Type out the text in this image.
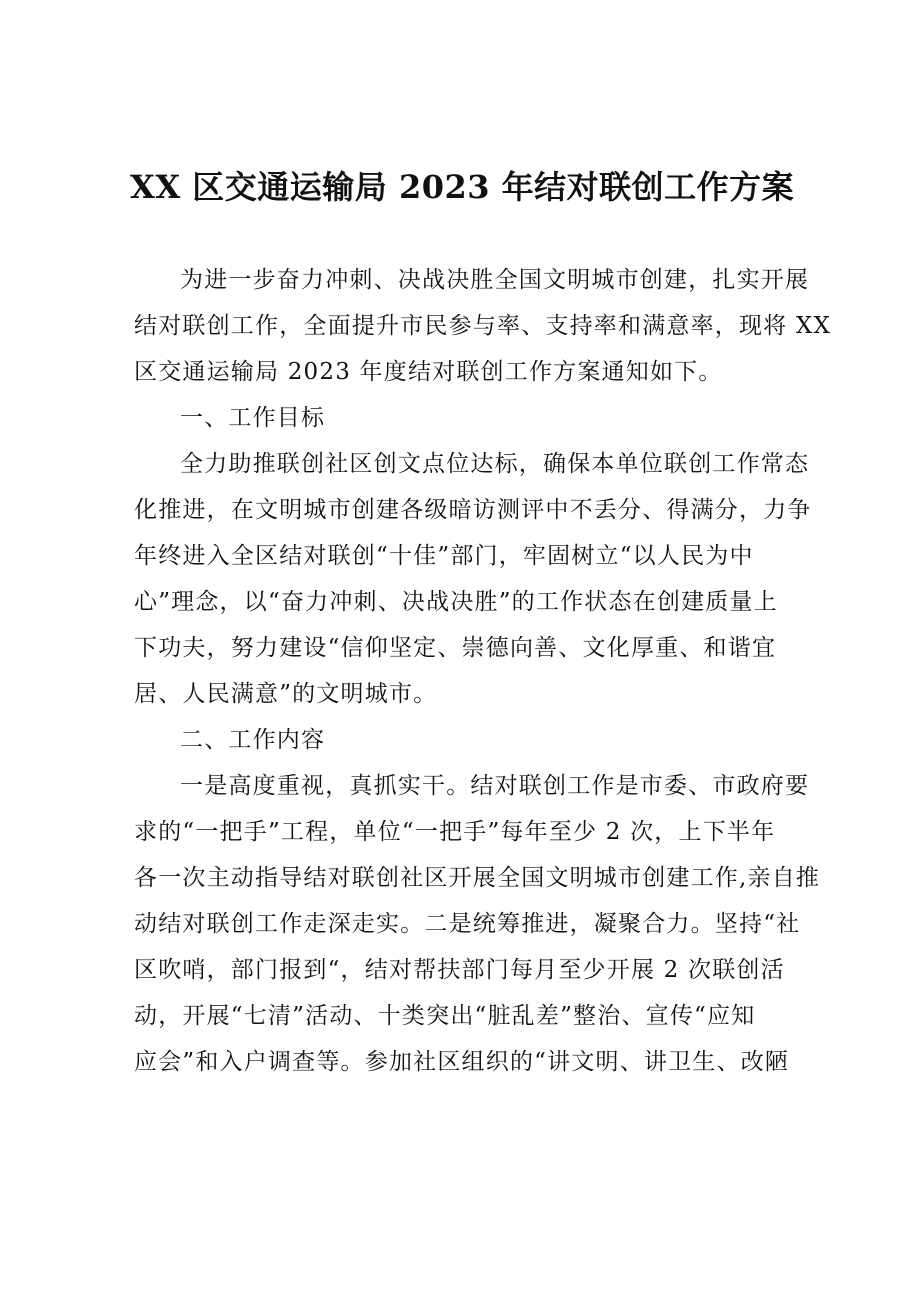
XX 区交通运输局 2023 年结对联创工作方案
为进一步奋力冲刺、决战决胜全国文明城市创建，扎实开展
结对联创工作，全面提升市民参与率、支持率和满意率，现将 XX
区交通运输局 2023 年度结对联创工作方案通知如下。
一、工作目标
全力助推联创社区创文点位达标，确保本单位联创工作常态
化推进，在文明城市创建各级暗访测评中不丢分、得满分，力争
年终进入全区结对联创“十佳”部门，牢固树立“以人民为中
心”理念，以“奋力冲刺、决战决胜”的工作状态在创建质量上
下功夫，努力建设“信仰坚定、崇德向善、文化厚重、和谐宜
居、人民满意”的文明城市。
二、工作内容
一是高度重视，真抓实干。结对联创工作是市委、市政府要
求的“一把手”工程，单位“一把手”每年至少 2 次，上下半年
各一次主动指导结对联创社区开展全国文明城市创建工作,亲自推
动结对联创工作走深走实。二是统筹推进，凝聚合力。坚持“社
区吹哨，部门报到“，结对帮扶部门每月至少开展 2 次联创活
动，开展“七清”活动、十类突出“脏乱差”整治、宣传“应知
应会”和入户调查等。参加社区组织的“讲文明、讲卫生、改陋
